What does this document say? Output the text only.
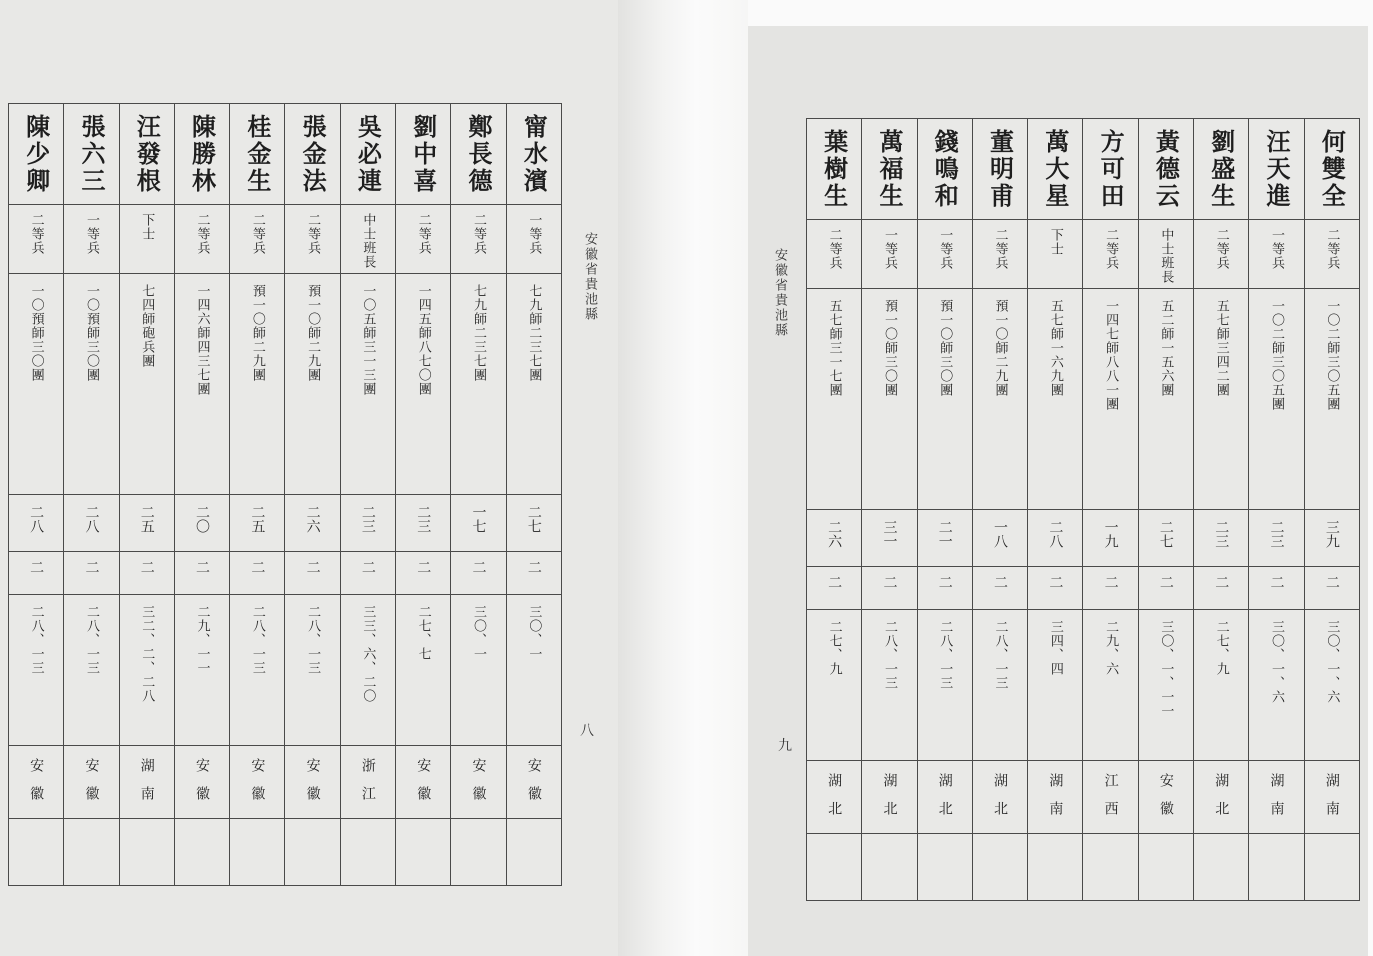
陳少卿	張六三	汪發根	陳勝林	桂金生	張金法	吳必連	劉中喜	鄭長德	甯水濱
二等兵	一等兵	下士	二等兵	二等兵	二等兵	中士班長	二等兵	二等兵	一等兵
一〇預師三〇團	一〇預師三〇團	七四師砲兵團	一四六師四三七團	預一〇師二九團	預一〇師二九團	一〇五師三一三團	一四五師八七〇團	七九師二三七團	七九師二三七團
二八	二八	二五	二〇	二五	二六	二三	二三	一七	二七
二	二	二	二	二	二	二	二	二	二
二八、一三	二八、一三	三二、二、二八	二九、一一	二八、一三	二八、一三	三三、六、二〇	二七、七	三〇、一	三〇、一
安徽	安徽	湖南	安徽	安徽	安徽	浙江	安徽	安徽	安徽

安徽省貴池縣
八
葉樹生	萬福生	錢鳴和	董明甫	萬大星	方可田	黃德云	劉盛生	汪天進	何雙全
二等兵	一等兵	一等兵	二等兵	下士	二等兵	中士班長	二等兵	一等兵	二等兵
五七師三一七團	預一〇師三〇團	預一〇師三〇團	預一〇師二九團	五七師一六九團	一四七師八八一團	五二師一五六團	五七師三四二團	一〇二師三〇五團	一〇二師三〇五團
二六	三一	二一	一八	二八	一九	二七	二三	二三	三九
二	二	二	二	二	二	二	二	二	二
二七、九	二八、一三	二八、一三	二八、一三	三四、四	二九、六	三〇、一、一一	二七、九	三〇、一、六	三〇、一、六
湖北	湖北	湖北	湖北	湖南	江西	安徽	湖北	湖南	湖南

安徽省貴池縣
九
